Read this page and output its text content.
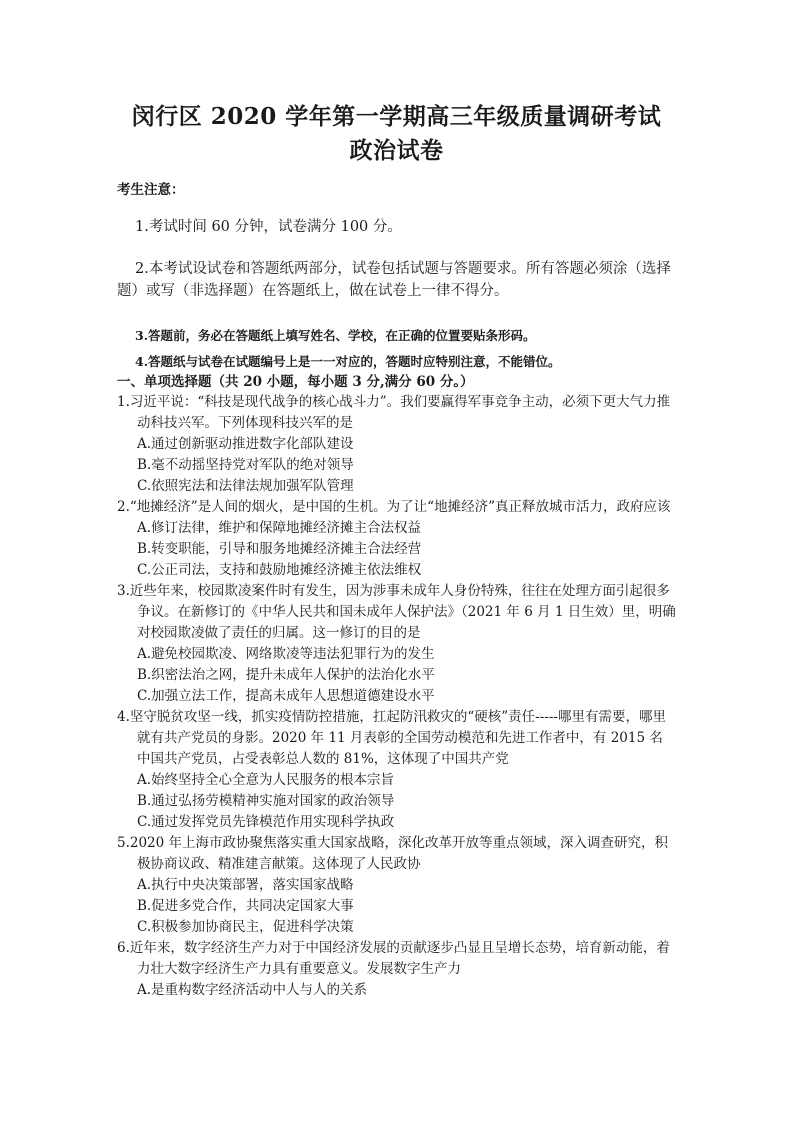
闵行区 2020 学年第一学期高三年级质量调研考试
政治试卷
考生注意：
1.考试时间 60 分钟，试卷满分 100 分。
2.本考试设试卷和答题纸两部分，试卷包括试题与答题要求。所有答题必须涂（选择题）或写（非选择题）在答题纸上，做在试卷上一律不得分。
3.答题前，务必在答题纸上填写姓名、学校，在正确的位置要贴条形码。
4.答题纸与试卷在试题编号上是一一对应的，答题时应特别注意，不能错位。
一、单项选择题（共 20 小题，每小题 3 分,满分 60 分。）
1.习近平说：“科技是现代战争的核心战斗力”。我们要赢得军事竞争主动，必须下更大气力推动科技兴军。下列体现科技兴军的是
A.通过创新驱动推进数字化部队建设
B.毫不动摇坚持党对军队的绝对领导
C.依照宪法和法律法规加强军队管理
2.“地摊经济”是人间的烟火，是中国的生机。为了让“地摊经济”真正释放城市活力，政府应该
A.修订法律，维护和保障地摊经济摊主合法权益
B.转变职能，引导和服务地摊经济摊主合法经营
C.公正司法，支持和鼓励地摊经济摊主依法维权
3.近些年来，校园欺凌案件时有发生，因为涉事未成年人身份特殊，往往在处理方面引起很多争议。在新修订的《中华人民共和国未成年人保护法》（2021 年 6 月 1 日生效）里，明确对校园欺凌做了责任的归属。这一修订的目的是
A.避免校园欺凌、网络欺凌等违法犯罪行为的发生
B.织密法治之网，提升未成年人保护的法治化水平
C.加强立法工作，提高未成年人思想道德建设水平
4.坚守脱贫攻坚一线，抓实疫情防控措施，扛起防汛救灾的“硬核”责任-----哪里有需要，哪里就有共产党员的身影。2020 年 11 月表彰的全国劳动模范和先进工作者中，有 2015 名中国共产党员，占受表彰总人数的 81%，这体现了中国共产党
A.始终坚持全心全意为人民服务的根本宗旨
B.通过弘扬劳模精神实施对国家的政治领导
C.通过发挥党员先锋模范作用实现科学执政
5.2020 年上海市政协聚焦落实重大国家战略，深化改革开放等重点领域，深入调查研究，积极协商议政、精准建言献策。这体现了人民政协
A.执行中央决策部署，落实国家战略
B.促进多党合作，共同决定国家大事
C.积极参加协商民主，促进科学决策
6.近年来，数字经济生产力对于中国经济发展的贡献逐步凸显且呈增长态势，培育新动能，着力壮大数字经济生产力具有重要意义。发展数字生产力
A.是重构数字经济活动中人与人的关系
